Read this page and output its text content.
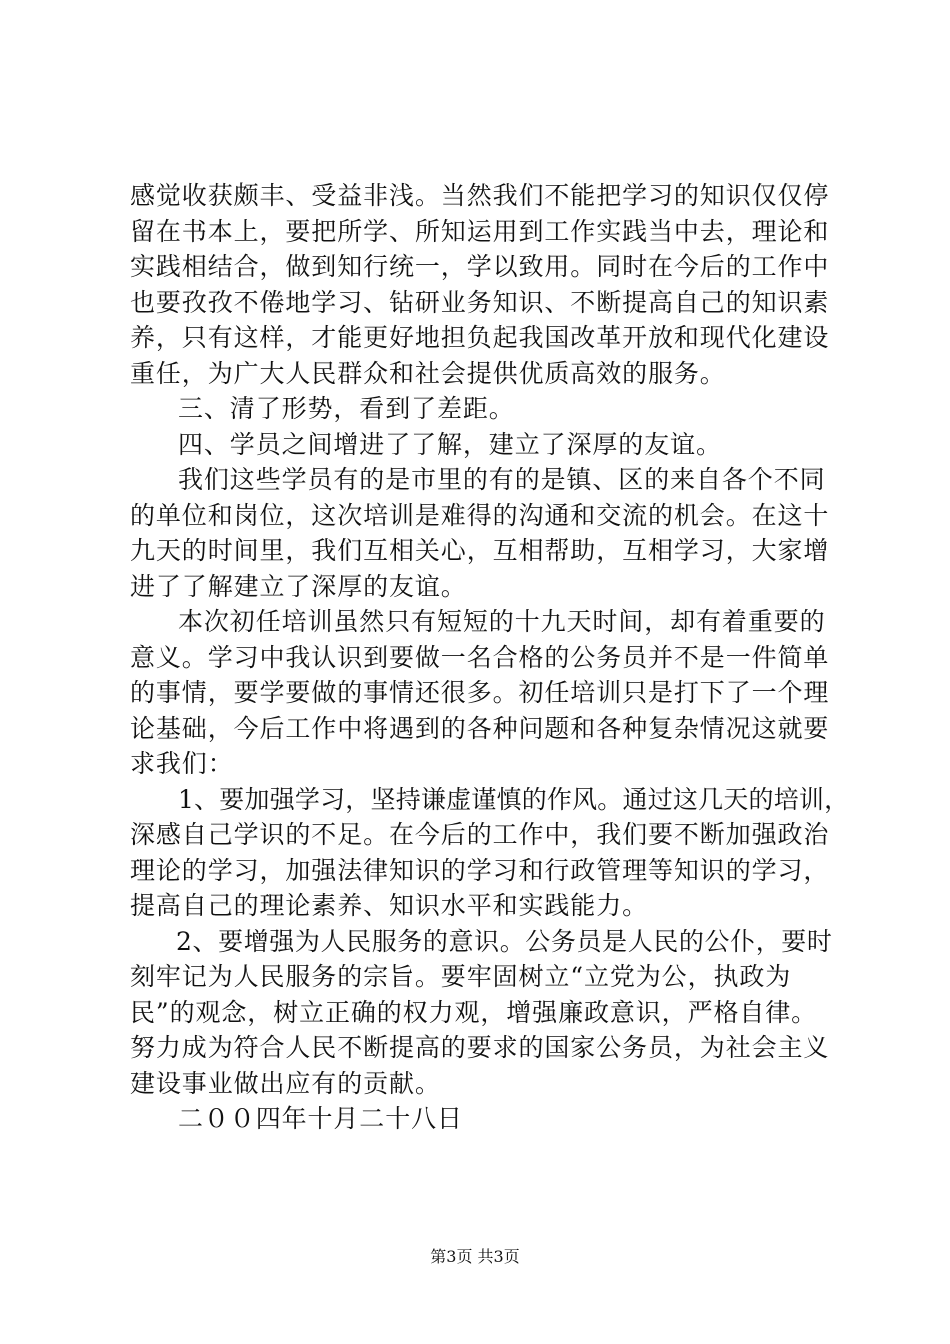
感觉收获颇丰、受益非浅。当然我们不能把学习的知识仅仅停
留在书本上，要把所学、所知运用到工作实践当中去，理论和
实践相结合，做到知行统一，学以致用。同时在今后的工作中
也要孜孜不倦地学习、钻研业务知识、不断提高自己的知识素
养，只有这样，才能更好地担负起我国改革开放和现代化建设
重任，为广大人民群众和社会提供优质高效的服务。
三、清了形势，看到了差距。
四、学员之间增进了了解，建立了深厚的友谊。
我们这些学员有的是市里的有的是镇、区的来自各个不同
的单位和岗位，这次培训是难得的沟通和交流的机会。在这十
九天的时间里，我们互相关心，互相帮助，互相学习，大家增
进了了解建立了深厚的友谊。
本次初任培训虽然只有短短的十九天时间，却有着重要的
意义。学习中我认识到要做一名合格的公务员并不是一件简单
的事情，要学要做的事情还很多。初任培训只是打下了一个理
论基础，今后工作中将遇到的各种问题和各种复杂情况这就要
求我们：
1、要加强学习，坚持谦虚谨慎的作风。通过这几天的培训，
深感自己学识的不足。在今后的工作中，我们要不断加强政治
理论的学习，加强法律知识的学习和行政管理等知识的学习，
提高自己的理论素养、知识水平和实践能力。
2、要增强为人民服务的意识。公务员是人民的公仆，要时
刻牢记为人民服务的宗旨。要牢固树立“立党为公，执政为
民”的观念，树立正确的权力观，增强廉政意识，严格自律。
努力成为符合人民不断提高的要求的国家公务员，为社会主义
建设事业做出应有的贡献。
二００四年十月二十八日
第3页 共3页
